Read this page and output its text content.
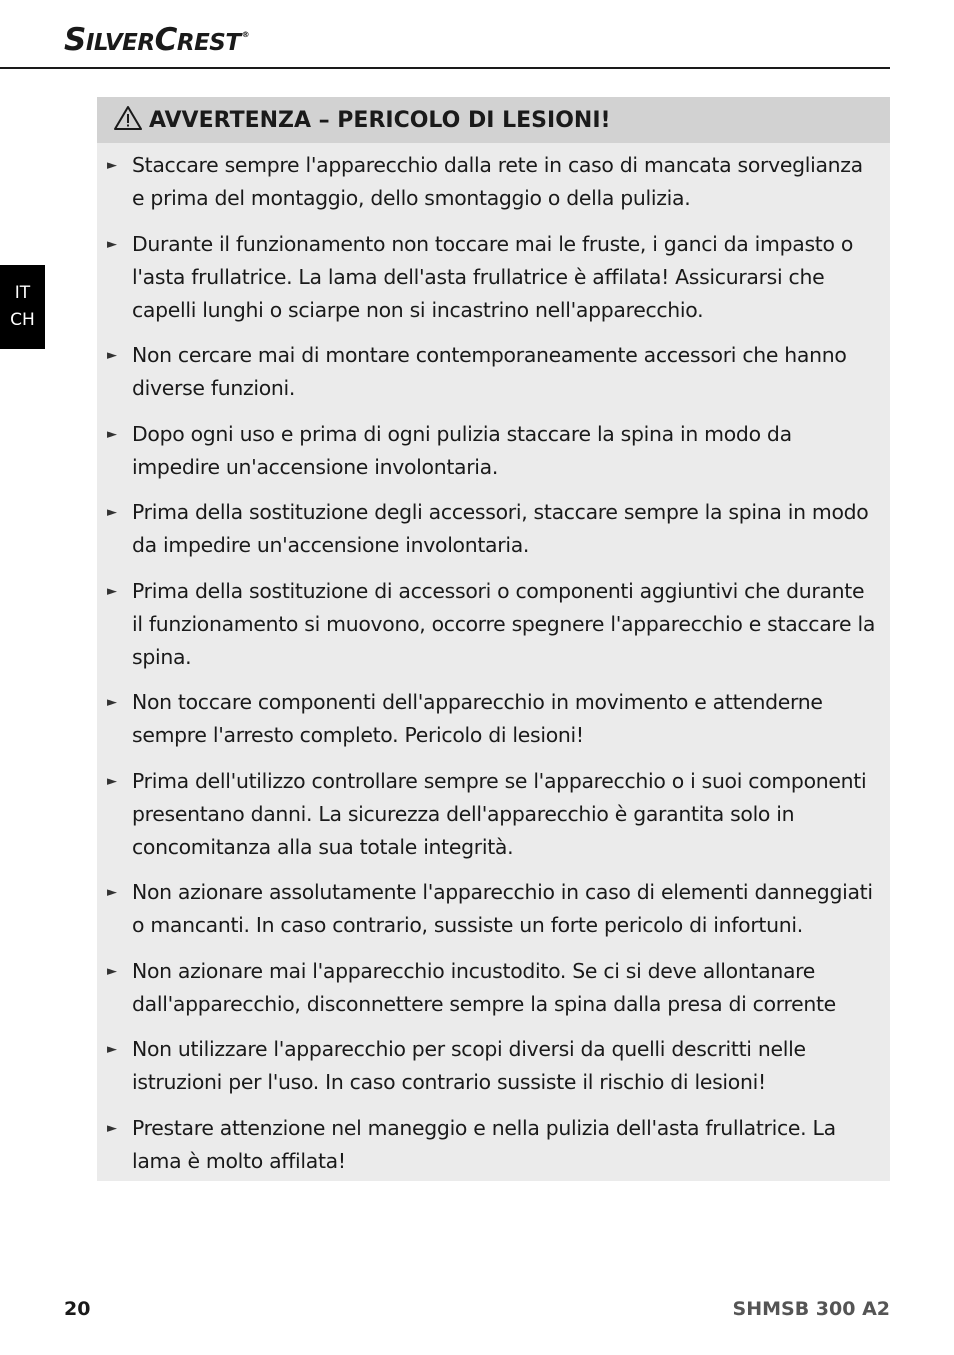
SILVERCREST®
IT
CH
AVVERTENZA – PERICOLO DI LESIONI!
► Staccare sempre l'apparecchio dalla rete in caso di mancata sorveglianza e prima del montaggio, dello smontaggio o della pulizia.
► Durante il funzionamento non toccare mai le fruste, i ganci da impasto o l'asta frullatrice. La lama dell'asta frullatrice è affilata! Assicurarsi che capelli lunghi o sciarpe non si incastrino nell'apparecchio.
► Non cercare mai di montare contemporaneamente accessori che hanno diverse funzioni.
► Dopo ogni uso e prima di ogni pulizia staccare la spina in modo da impedire un'accensione involontaria.
► Prima della sostituzione degli accessori, staccare sempre la spina in modo da impedire un'accensione involontaria.
► Prima della sostituzione di accessori o componenti aggiuntivi che durante il funzionamento si muovono, occorre spegnere l'apparecchio e staccare la spina.
► Non toccare componenti dell'apparecchio in movimento e attenderne sempre l'arresto completo. Pericolo di lesioni!
► Prima dell'utilizzo controllare sempre se l'apparecchio o i suoi componenti presentano danni. La sicurezza dell'apparecchio è garantita solo in concomitanza alla sua totale integrità.
► Non azionare assolutamente l'apparecchio in caso di elementi danneggiati o mancanti. In caso contrario, sussiste un forte pericolo di infortuni.
► Non azionare mai l'apparecchio incustodito. Se ci si deve allontanare dall'apparecchio, disconnettere sempre la spina dalla presa di corrente
► Non utilizzare l'apparecchio per scopi diversi da quelli descritti nelle istruzioni per l'uso. In caso contrario sussiste il rischio di lesioni!
► Prestare attenzione nel maneggio e nella pulizia dell'asta frullatrice. La lama è molto affilata!
20	SHMSB 300 A2
